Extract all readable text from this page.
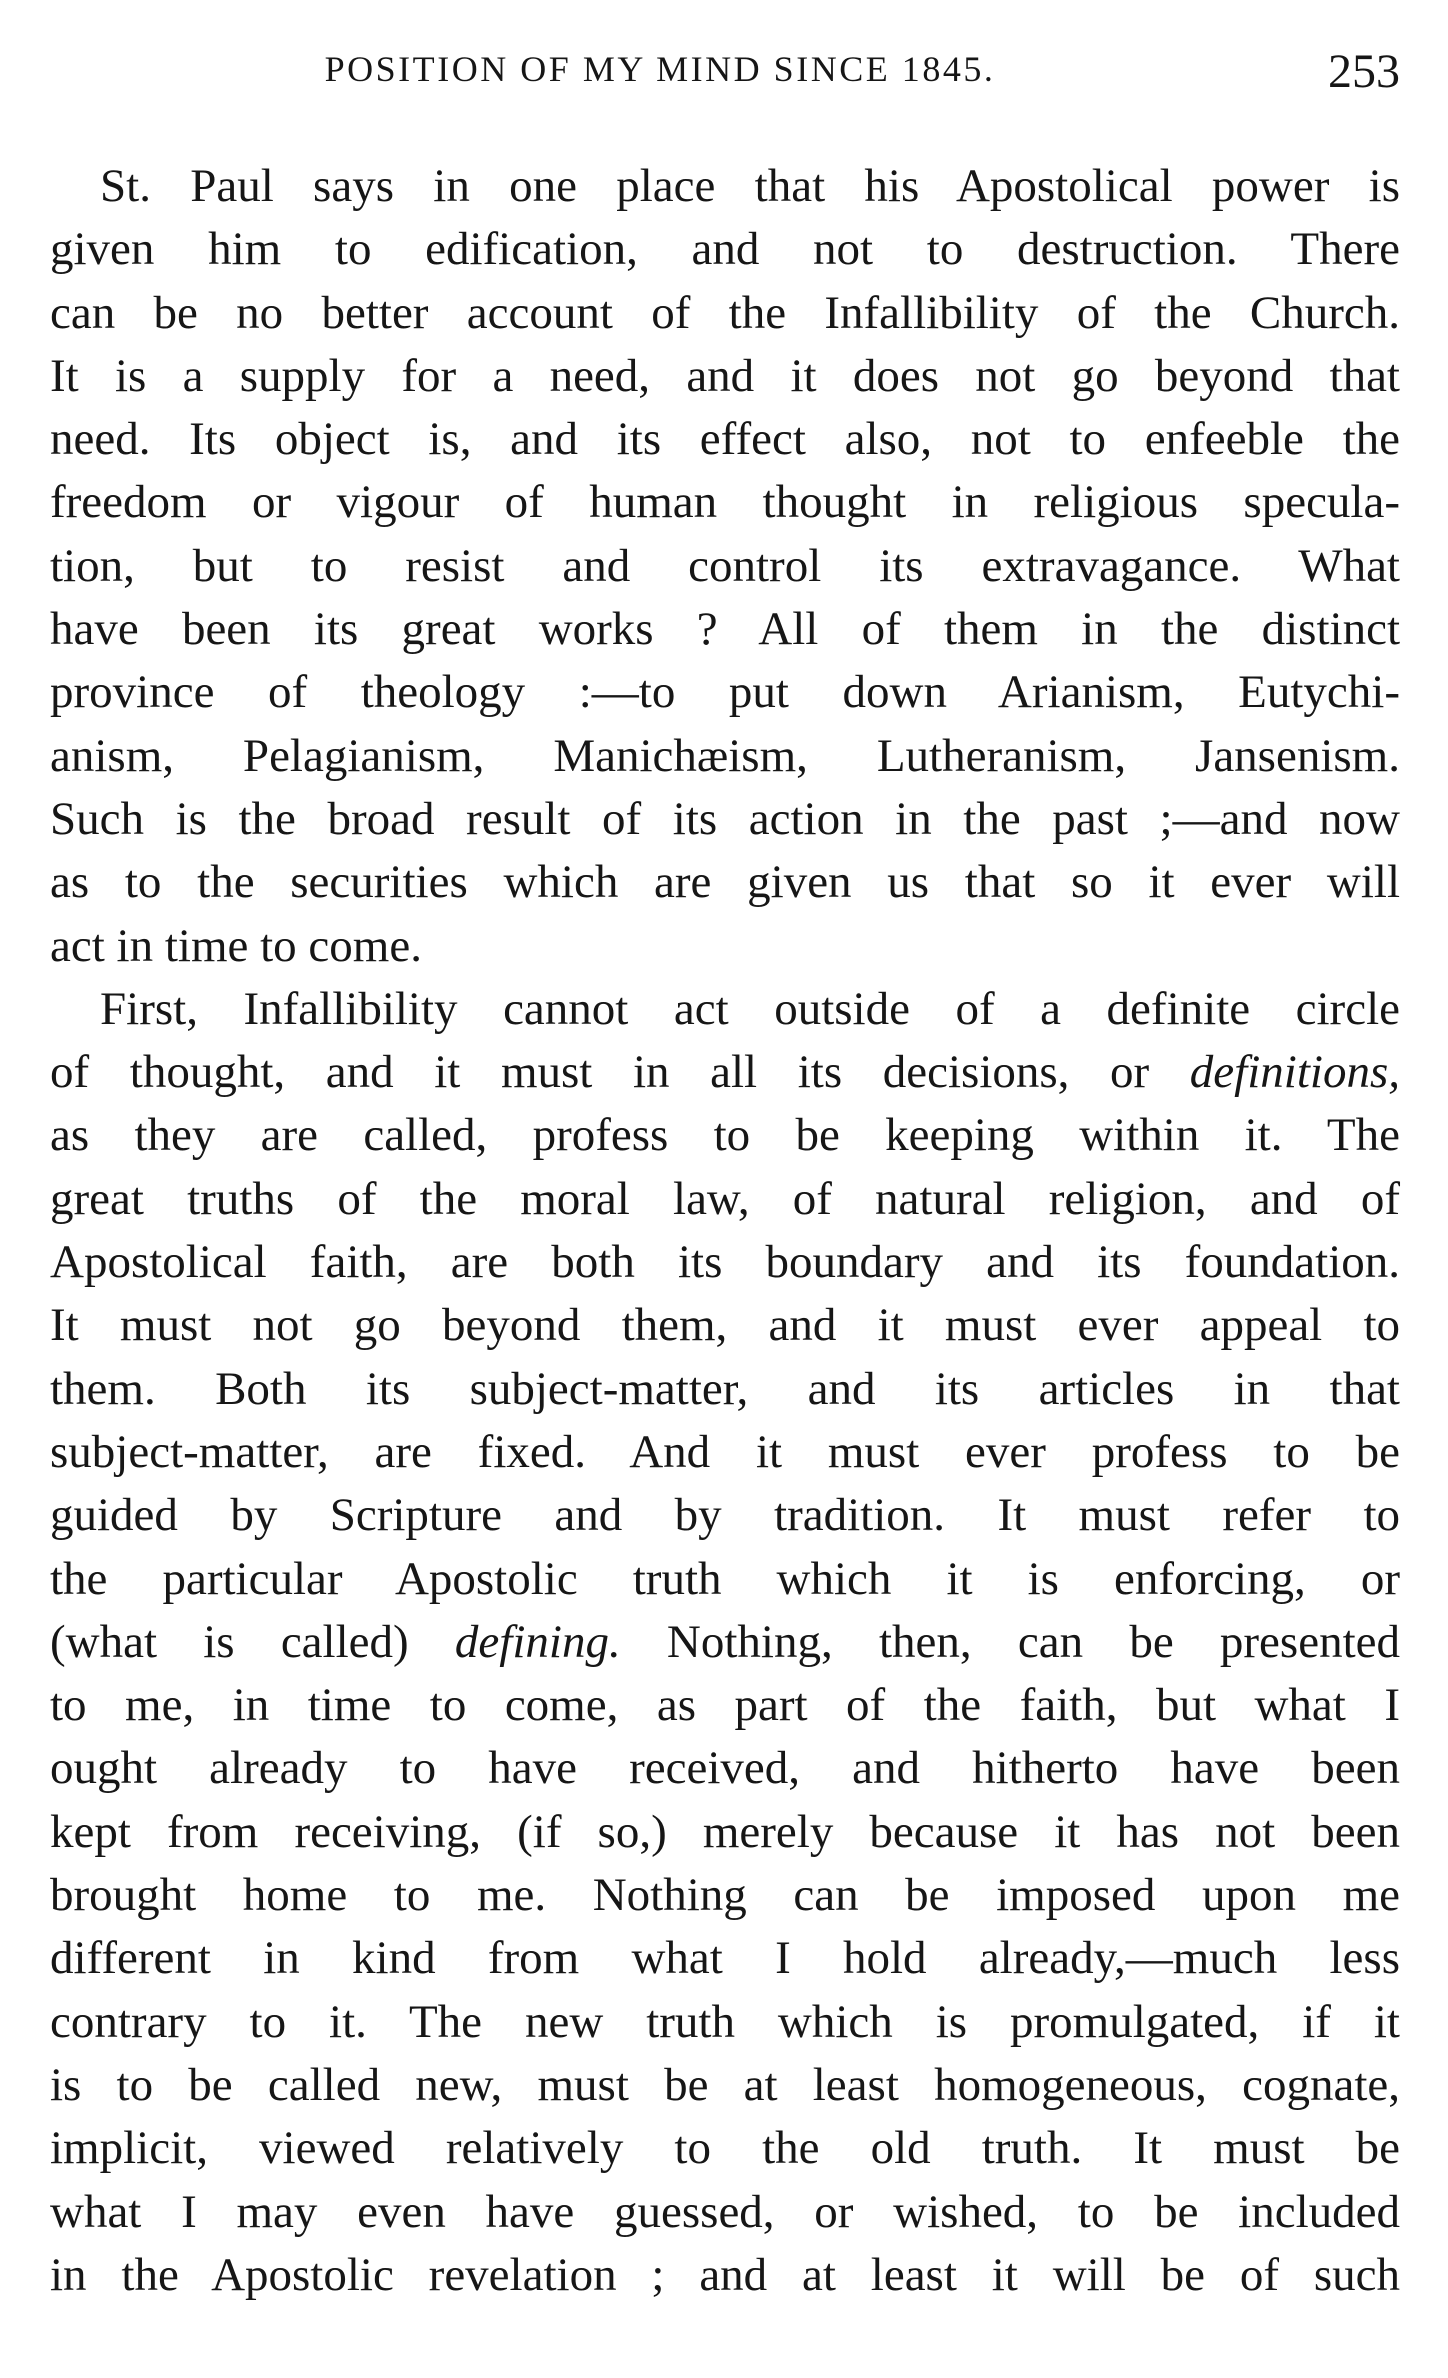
POSITION OF MY MIND SINCE 1845.	253
St. Paul says in one place that his Apostolical power is
given him to edification, and not to destruction. There
can be no better account of the Infallibility of the Church.
It is a supply for a need, and it does not go beyond that
need. Its object is, and its effect also, not to enfeeble the
freedom or vigour of human thought in religious specula-
tion, but to resist and control its extravagance. What
have been its great works ? All of them in the distinct
province of theology :—to put down Arianism, Eutychi-
anism, Pelagianism, Manichæism, Lutheranism, Jansenism.
Such is the broad result of its action in the past ;—and now
as to the securities which are given us that so it ever will
act in time to come.
First, Infallibility cannot act outside of a definite circle
of thought, and it must in all its decisions, or definitions,
as they are called, profess to be keeping within it. The
great truths of the moral law, of natural religion, and of
Apostolical faith, are both its boundary and its foundation.
It must not go beyond them, and it must ever appeal to
them. Both its subject-matter, and its articles in that
subject-matter, are fixed. And it must ever profess to be
guided by Scripture and by tradition. It must refer to
the particular Apostolic truth which it is enforcing, or
(what is called) defining. Nothing, then, can be presented
to me, in time to come, as part of the faith, but what I
ought already to have received, and hitherto have been
kept from receiving, (if so,) merely because it has not been
brought home to me. Nothing can be imposed upon me
different in kind from what I hold already,—much less
contrary to it. The new truth which is promulgated, if it
is to be called new, must be at least homogeneous, cognate,
implicit, viewed relatively to the old truth. It must be
what I may even have guessed, or wished, to be included
in the Apostolic revelation ; and at least it will be of such
